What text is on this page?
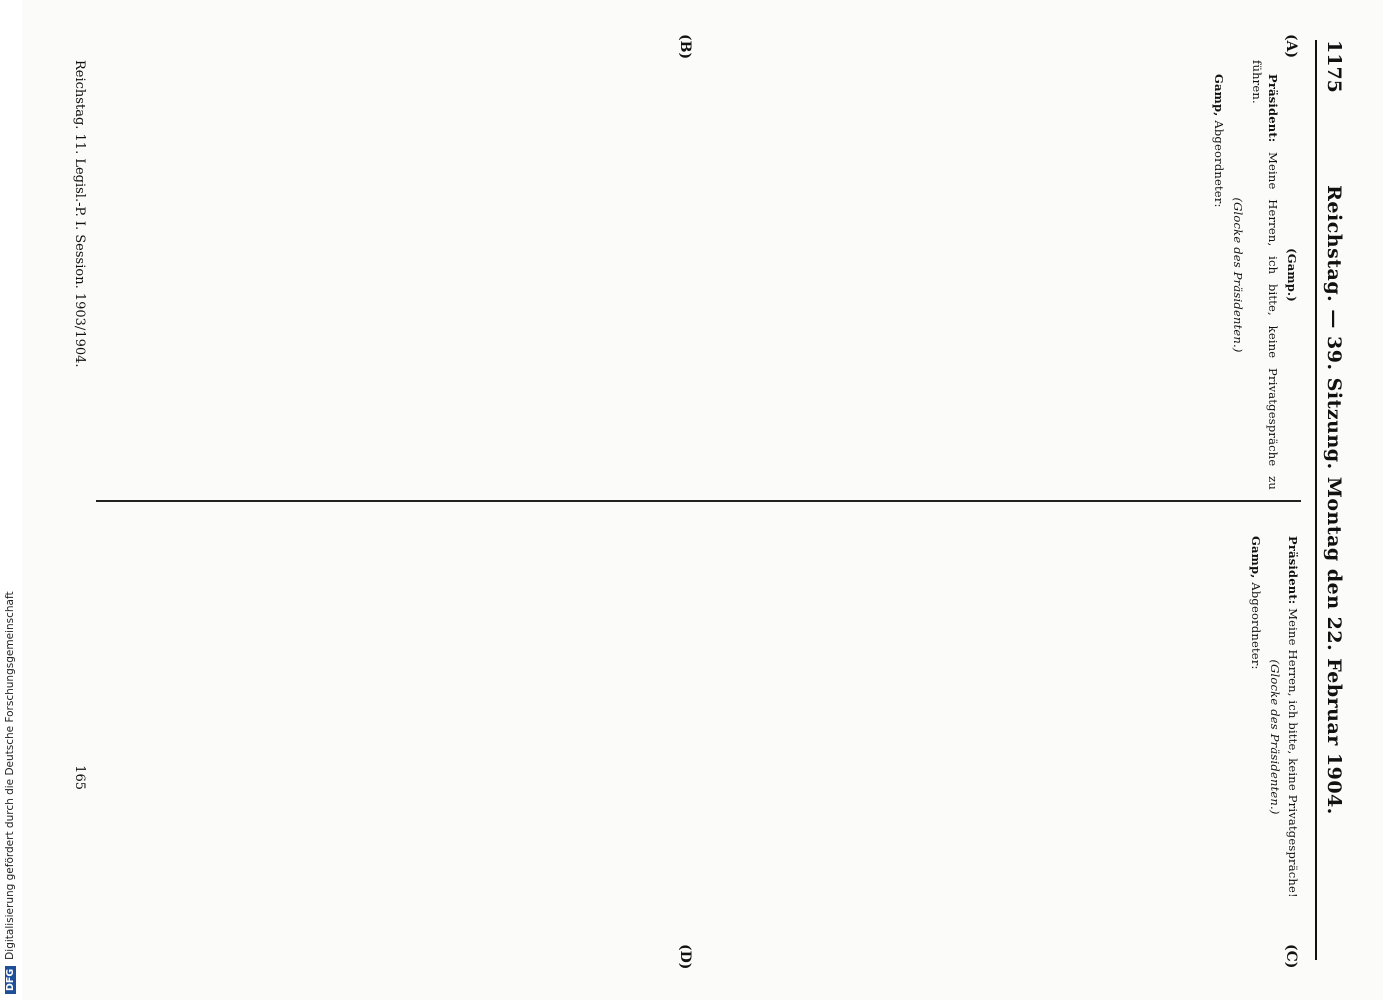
1175
Reichstag. — 39. Sitzung. Montag den 22. Februar 1904.
(A)
(B)
(C)
(D)

(Gamp.)

Präsident: Meine Herren, ich bitte, keine Privatgespräche zu führen.

(Glocke des Präsidenten.)

Gamp, Abgeordneter:

Präsident: Meine Herren, ich bitte, keine Privatgespräche!

(Glocke des Präsidenten.)

Gamp, Abgeordneter:

Reichstag. 11. Legisl.-P. I. Session. 1903/1904.
165
DFGDigitalisierung gefördert durch die Deutsche Forschungsgemeinschaft
